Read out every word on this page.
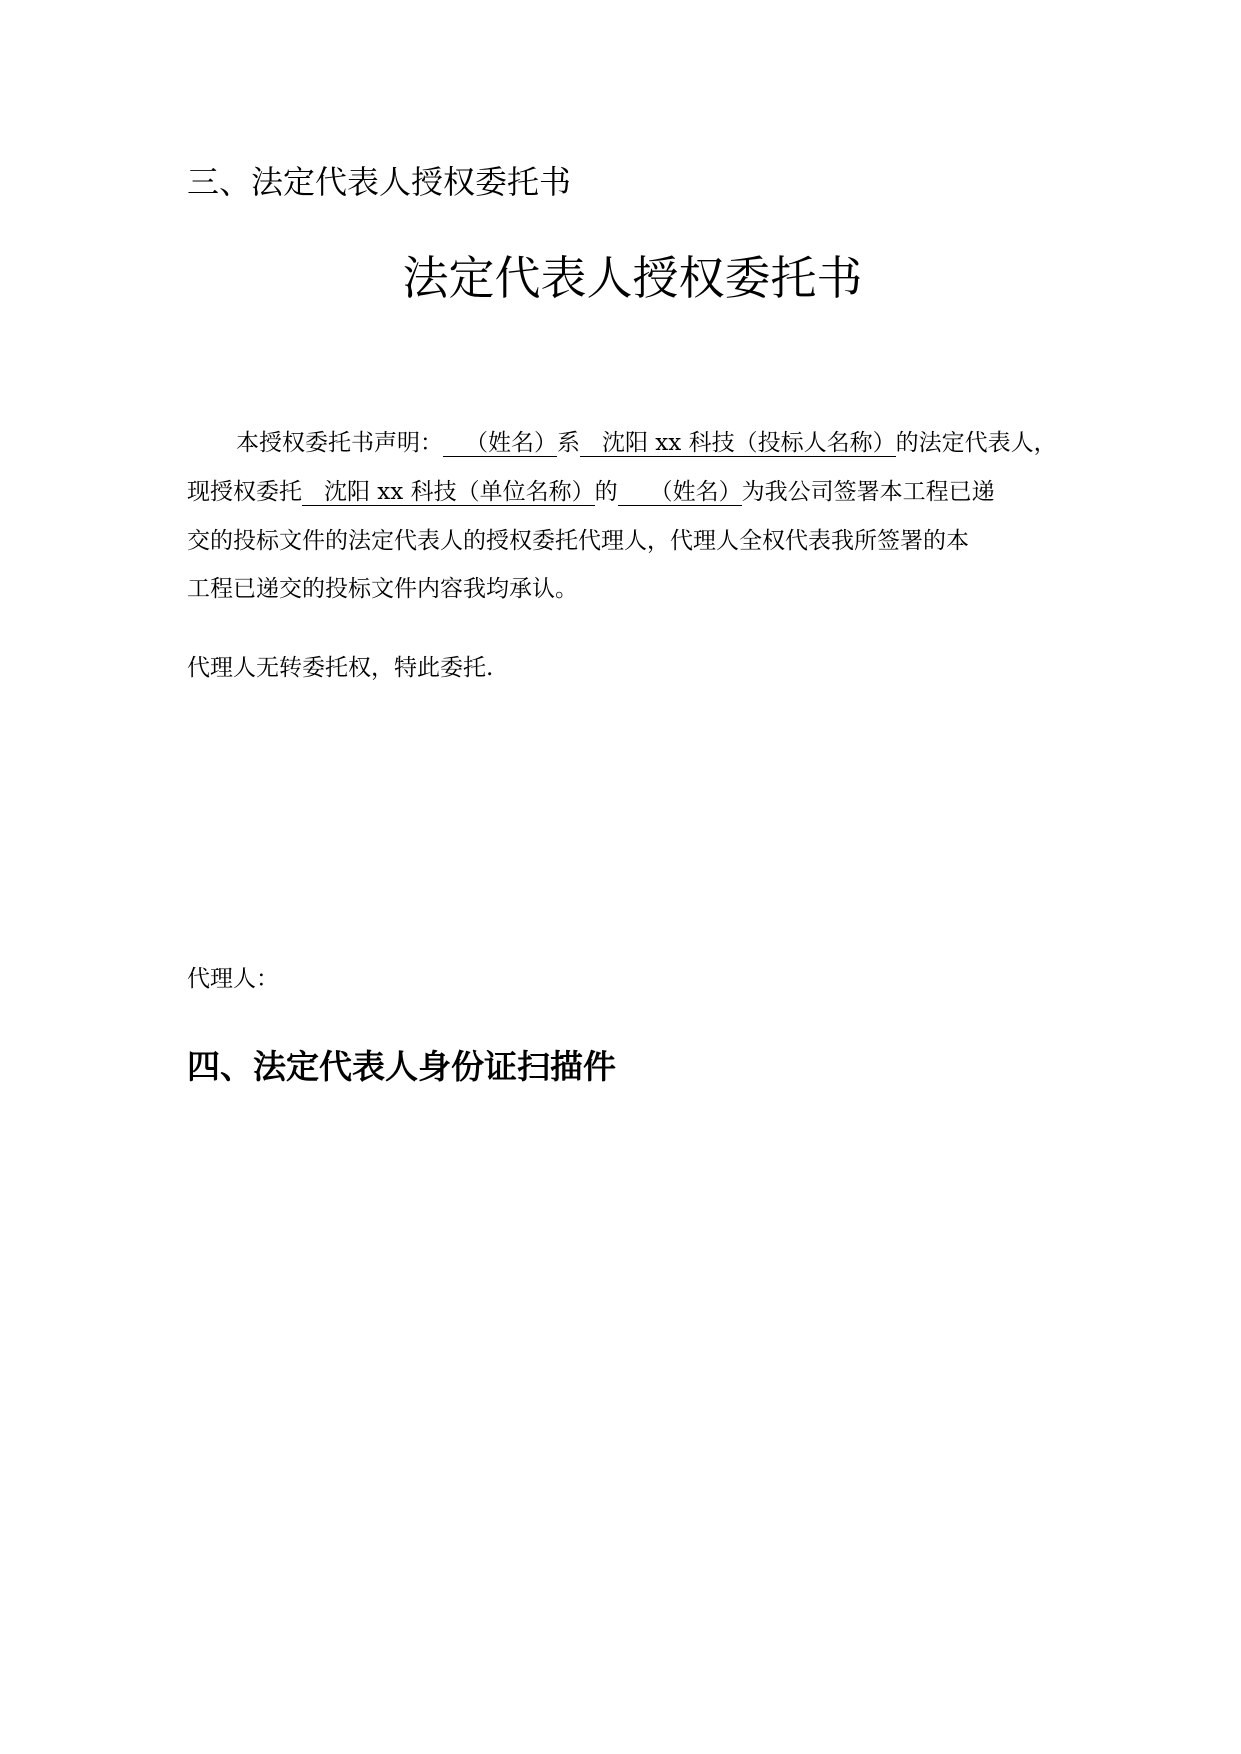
三、法定代表人授权委托书
法定代表人授权委托书
本授权委托书声明： （姓名）系 沈阳 xx 科技（投标人名称）的法定代表人，
现授权委托 沈阳 xx 科技（单位名称）的 （姓名）为我公司签署本工程已递
交的投标文件的法定代表人的授权委托代理人，代理人全权代表我所签署的本
工程已递交的投标文件内容我均承认。
代理人无转委托权，特此委托.
代理人：
四、法定代表人身份证扫描件
